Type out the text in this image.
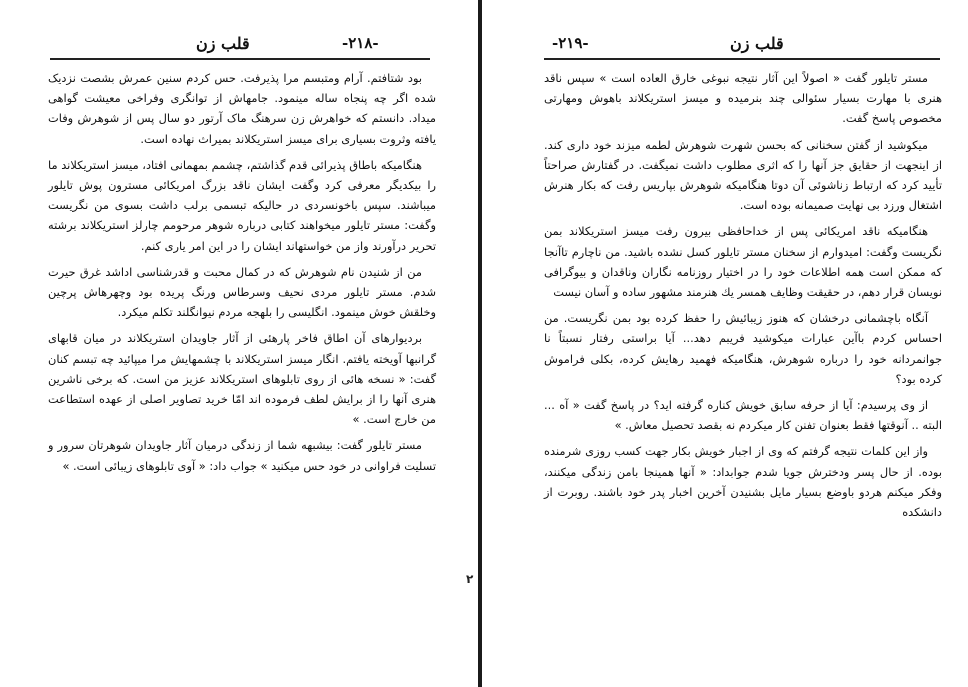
قلب زن	-۲۱۸-

بود شتافتم. آرام ومتبسم مرا پذیرفت. حس کردم سنین عمرش بشصت نزدیک شده اگر چه پنجاه ساله مینمود. جامهاش از توانگری وفراخی معیشت گواهی میداد. دانستم که خواهرش زن سرهنگ ماک آرتور دو سال پس از شوهرش وفات یافته وثروت بسیاری برای میسز استریکلاند بمیراث نهاده است.

هنگامیکه باطاق پذیرائی قدم گذاشتم، چشمم بمهمانی افتاد، میسز استریکلاند ما را بیکدیگر معرفی کرد وگفت ایشان ناقد بزرگ امریکائی مسترون پوش تایلور میباشند. سپس باخونسردی در حالیکه تبسمی برلب داشت بسوی من نگریست وگفت: مستر تایلور میخواهند کتابی درباره شوهر مرحومم چارلز استریکلاند برشته تحریر درآورند واز من خواستهاند ایشان را در این امر یاری کنم.

من از شنیدن نام شوهرش که در کمال محبت و قدرشناسی اداشد غرق حیرت شدم. مستر تایلور مردی نحیف وسرطاس ورنگ پریده بود وچهرهاش پرچین وخلقش خوش مینمود. انگلیسی را بلهجه مردم نیوانگلند تکلم میکرد.

بردیوارهای آن اطاق فاخر پارهئی از آثار جاویدان استریکلاند در میان قابهای گرانبها آویخته یافتم. انگار میسز استریکلاند با چشمهایش مرا میپائید چه تبسم کنان گفت: « نسخه هائی از روی تابلوهای استریکلاند عزیز من است. که برخی ناشرین هنری آنها را از برایش لطف فرموده اند امّا خرید تصاویر اصلی از عهده استطاعت من خارج است. »

مستر تایلور گفت: بیشبهه شما از زندگی درمیان آثار جاویدان شوهرتان سرور و تسلیت فراوانی در خود حس میکنید » جواب داد: « آوی تابلوهای زیبائی است. »

۲
قلب زن
-۲۱۹-

مستر تایلور گفت « اصولاً این آثار نتیجه نبوغی خارق العاده است » سپس ناقد هنری با مهارت بسیار سئوالی چند بنرمیده و میسز استریکلاند باهوش ومهارتی مخصوص پاسخ گفت.

میکوشید از گفتن سخنانی که بحسن شهرت شوهرش لطمه میزند خود داری کند. از اینجهت از حقایق جز آنها را که اثری مطلوب داشت نمیگفت. در گفتارش صراحتاً تأیید کرد که ارتباط زناشوئی آن دوتا هنگامیکه شوهرش بپاریس رفت که بکار هنرش اشتغال ورزد بی نهایت صمیمانه بوده است.

هنگامیکه ناقد امریکائی پس از خداحافظی بیرون رفت میسز استریکلاند بمن نگریست وگفت: امیدوارم از سخنان مستر تایلور کسل نشده باشید. من ناچارم تاآنجا که ممکن است همه اطلاعات خود را در اختیار روزنامه نگاران وناقدان و بیوگرافی نویسان قرار دهم، در حقیقت وظایف همسر یك هنرمند مشهور ساده و آسان نیست

آنگاه باچشمانی درخشان که هنوز زیبائیش را حفظ کرده بود بمن نگریست. من احساس کردم باآین عبارات میکوشید فریبم دهد... آیا براستی رفتار نسبتاً نا جوانمردانه خود را درباره شوهرش، هنگامیکه فهمید رهایش کرده، بکلی فراموش کرده بود؟

از وی پرسیدم: آیا از حرفه سابق خویش کناره گرفته اید؟ در پاسخ گفت « آه ... البته .. آنوقتها فقط بعنوان تفنن کار میکردم نه بقصد تحصیل معاش. »

واز این کلمات نتیجه گرفتم که وی از اجبار خویش بکار جهت کسب روزی شرمنده بوده. از حال پسر ودخترش جویا شدم جوابداد: « آنها همینجا بامن زندگی میکنند، وفکر میکنم هردو باوضع بسیار مایل بشنیدن آخرین اخبار پدر خود باشند. روبرت از دانشکده
